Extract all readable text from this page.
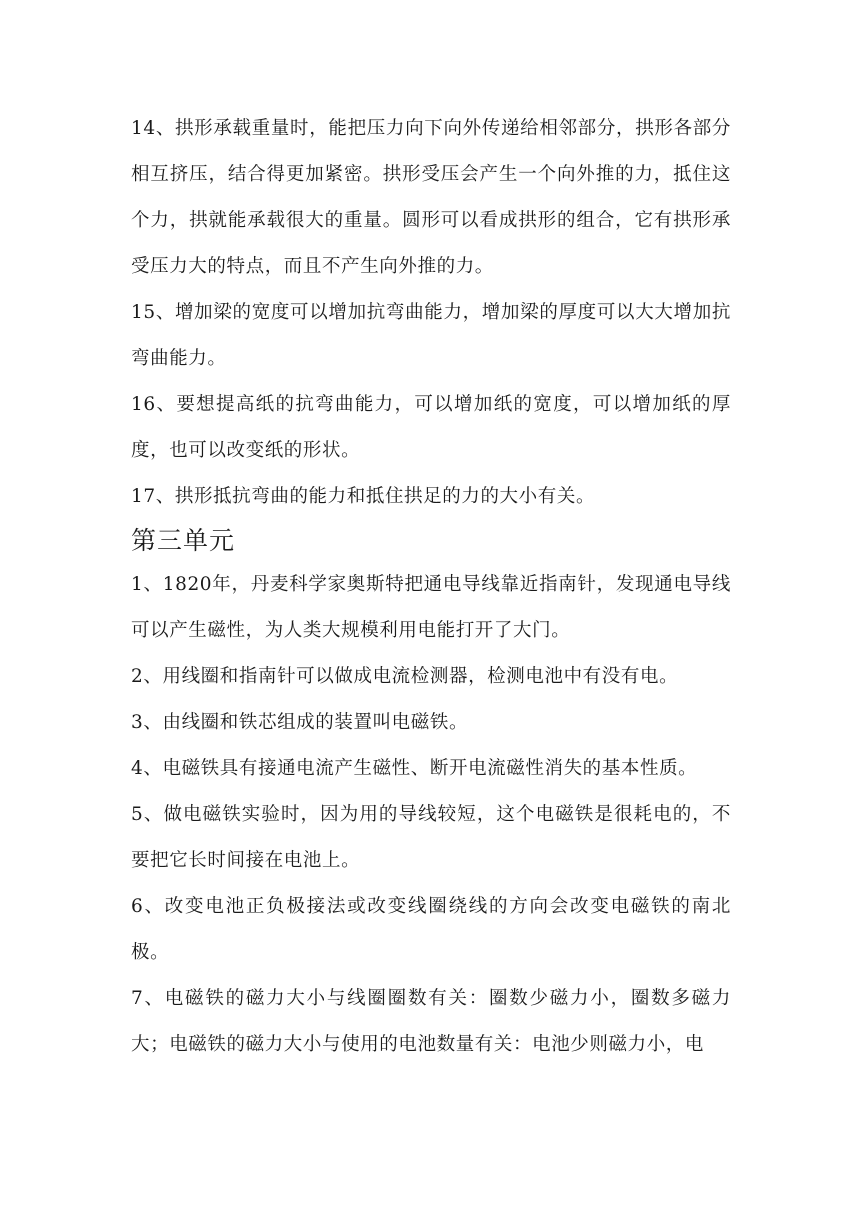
14、拱形承载重量时，能把压力向下向外传递给相邻部分，拱形各部分相互挤压，结合得更加紧密。拱形受压会产生一个向外推的力，抵住这个力，拱就能承载很大的重量。圆形可以看成拱形的组合，它有拱形承受压力大的特点，而且不产生向外推的力。

15、增加梁的宽度可以增加抗弯曲能力，增加梁的厚度可以大大增加抗弯曲能力。

16、要想提高纸的抗弯曲能力，可以增加纸的宽度，可以增加纸的厚度，也可以改变纸的形状。

17、拱形抵抗弯曲的能力和抵住拱足的力的大小有关。

第三单元

1、1820年，丹麦科学家奥斯特把通电导线靠近指南针，发现通电导线可以产生磁性，为人类大规模利用电能打开了大门。

2、用线圈和指南针可以做成电流检测器，检测电池中有没有电。

3、由线圈和铁芯组成的装置叫电磁铁。

4、电磁铁具有接通电流产生磁性、断开电流磁性消失的基本性质。

5、做电磁铁实验时，因为用的导线较短，这个电磁铁是很耗电的，不要把它长时间接在电池上。

6、改变电池正负极接法或改变线圈绕线的方向会改变电磁铁的南北极。

7、电磁铁的磁力大小与线圈圈数有关：圈数少磁力小，圈数多磁力大；电磁铁的磁力大小与使用的电池数量有关：电池少则磁力小，电
